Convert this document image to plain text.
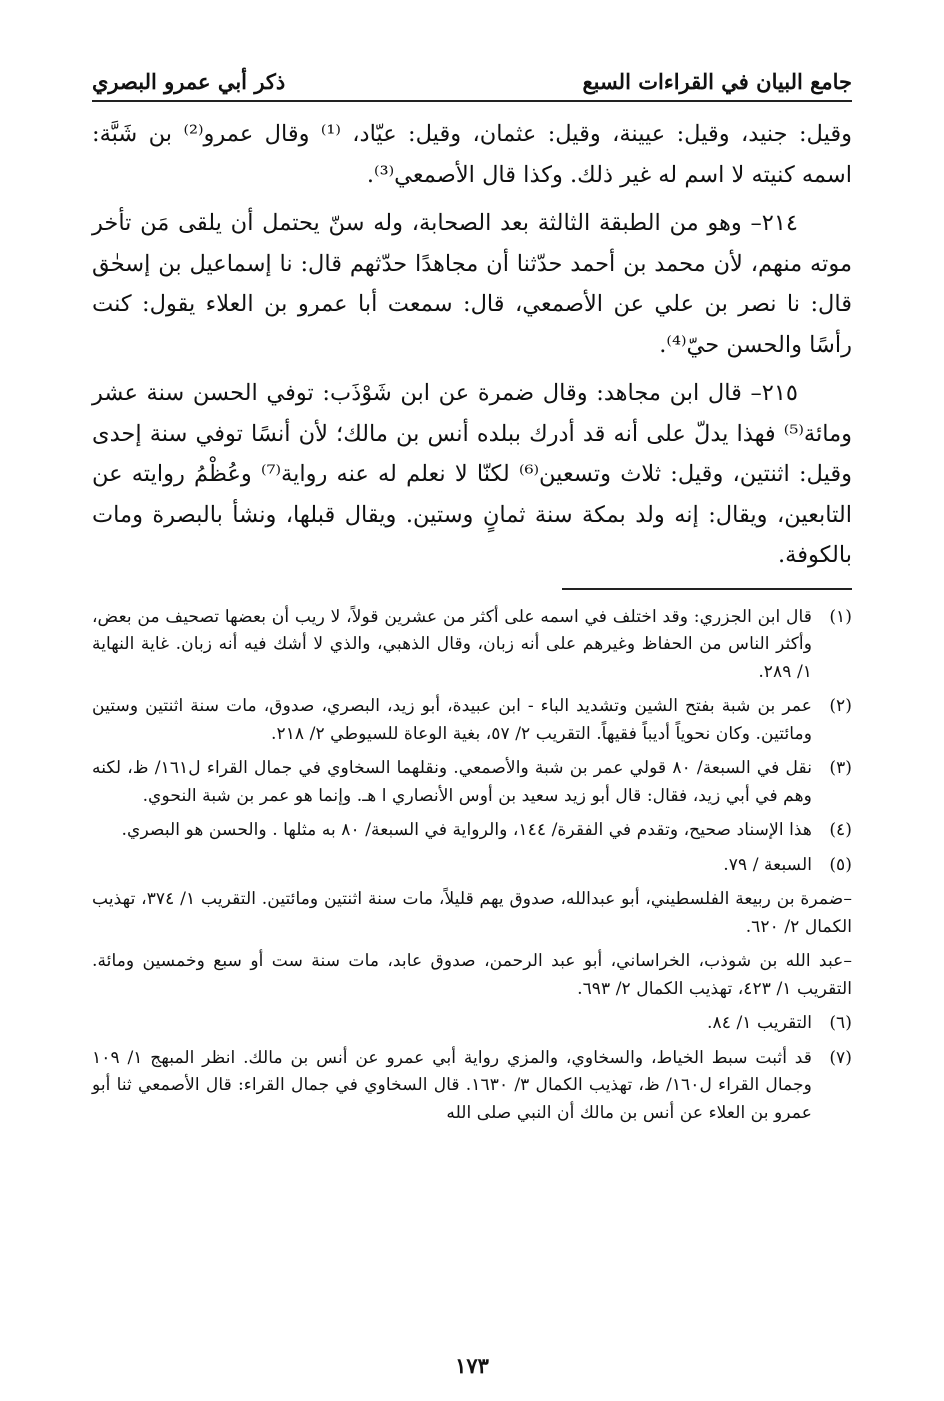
جامع البيان في القراءات السبع
ذكر أبي عمرو البصري

وقيل: جنيد، وقيل: عيينة، وقيل: عثمان، وقيل: عيّاد، ⁽¹⁾ وقال عمرو⁽²⁾ بن شَبَّة: اسمه كنيته لا اسم له غير ذلك. وكذا قال الأصمعي⁽³⁾.

٢١٤– وهو من الطبقة الثالثة بعد الصحابة، وله سنّ يحتمل أن يلقى مَن تأخر موته منهم، لأن محمد بن أحمد حدّثنا أن مجاهدًا حدّثهم قال: نا إسماعيل بن إسحٰق قال: نا نصر بن علي عن الأصمعي، قال: سمعت أبا عمرو بن العلاء يقول: كنت رأسًا والحسن حيّ⁽⁴⁾.

٢١٥– قال ابن مجاهد: وقال ضمرة عن ابن شَوْذَب: توفي الحسن سنة عشر ومائة⁽⁵⁾ فهذا يدلّ على أنه قد أدرك ببلده أنس بن مالك؛ لأن أنسًا توفي سنة إحدى وقيل: اثنتين، وقيل: ثلاث وتسعين⁽⁶⁾ لكنّا لا نعلم له عنه رواية⁽⁷⁾ وعُظْمُ روايته عن التابعين، ويقال: إنه ولد بمكة سنة ثمانٍ وستين. ويقال قبلها، ونشأ بالبصرة ومات بالكوفة.

(١)قال ابن الجزري: وقد اختلف في اسمه على أكثر من عشرين قولاً، لا ريب أن بعضها تصحيف من بعض، وأكثر الناس من الحفاظ وغيرهم على أنه زبان، وقال الذهبي، والذي لا أشك فيه أنه زبان. غاية النهاية ١/ ٢٨٩.

(٢)عمر بن شبة بفتح الشين وتشديد الباء - ابن عبيدة، أبو زيد، البصري، صدوق، مات سنة اثنتين وستين ومائتين. وكان نحوياً أديباً فقيهاً. التقريب ٢/ ٥٧، بغية الوعاة للسيوطي ٢/ ٢١٨.

(٣)نقل في السبعة/ ٨٠ قولي عمر بن شبة والأصمعي. ونقلهما السخاوي في جمال القراء ل١٦١/ ظ، لكنه وهم في أبي زيد، فقال: قال أبو زيد سعيد بن أوس الأنصاري ا هـ. وإنما هو عمر بن شبة النحوي.

(٤)هذا الإسناد صحيح، وتقدم في الفقرة/ ١٤٤، والرواية في السبعة/ ٨٠ به مثلها . والحسن هو البصري.

(٥)السبعة / ٧٩.

–ضمرة بن ربيعة الفلسطيني، أبو عبدالله، صدوق يهم قليلاً، مات سنة اثنتين ومائتين. التقريب ١/ ٣٧٤، تهذيب الكمال ٢/ ٦٢٠.

–عبد الله بن شوذب، الخراساني، أبو عبد الرحمن، صدوق عابد، مات سنة ست أو سبع وخمسين ومائة. التقريب ١/ ٤٢٣، تهذيب الكمال ٢/ ٦٩٣.

(٦)التقريب ١/ ٨٤.

(٧)قد أثبت سبط الخياط، والسخاوي، والمزي رواية أبي عمرو عن أنس بن مالك. انظر المبهج ١/ ١٠٩ وجمال القراء ل١٦٠/ ظ، تهذيب الكمال ٣/ ١٦٣٠. قال السخاوي في جمال القراء: قال الأصمعي ثنا أبو عمرو بن العلاء عن أنس بن مالك أن النبي صلى الله

١٧٣
